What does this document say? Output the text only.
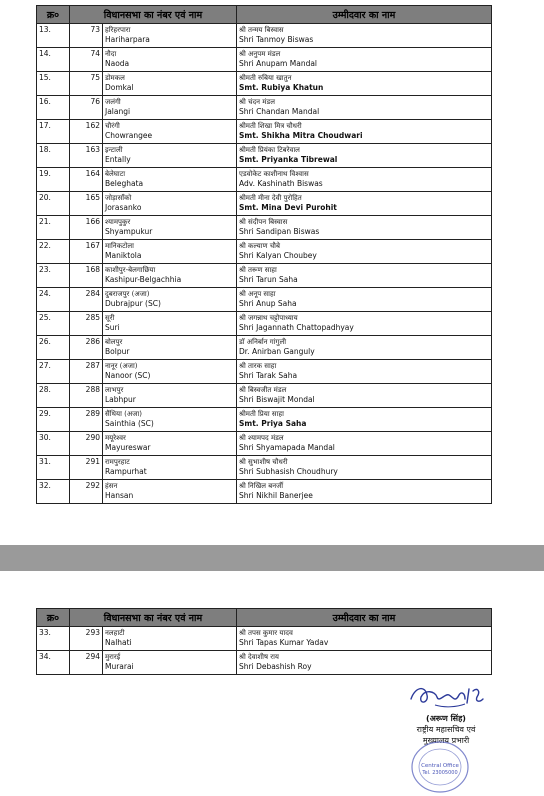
क्र०	विधानसभा का नंबर एवं नाम		उम्मीदवार का नाम
13.	73	हरिहरपारा
Hariharpara	श्री तन्मय बिस्वास
Shri Tanmoy Biswas

14.	74	नौदा
Naoda	श्री अनुपम मंडल
Shri Anupam Mandal

15.	75	डोमकल
Domkal	श्रीमती रुबिया खातुन
Smt. Rubiya Khatun

16.	76	जलंगी
Jalangi	श्री चंदन मंडल
Shri Chandan Mandal

17.	162	चौरंगी
Chowrangee	श्रीमती शिखा मित्र चौधरी
Smt. Shikha Mitra Choudwari

18.	163	इन्टाली
Entally	श्रीमती प्रियंका टिबरेवाल
Smt. Priyanka Tibrewal

19.	164	बेलेघाटा
Beleghata	एडवोकेट काशीनाथ विश्वास
Adv. Kashinath Biswas

20.	165	जोड़ासाँको
Jorasanko	श्रीमती मीना देवी पुरोहित
Smt. Mina Devi Purohit

21.	166	श्यामपुकुर
Shyampukur	श्री संदीपन बिस्वास
Shri Sandipan Biswas

22.	167	मानिकटोला
Maniktola	श्री कल्याण चौबे
Shri Kalyan Choubey

23.	168	काशीपुर-बेलगाछिया
Kashipur-Belgachhia	श्री तरूण साहा
Shri Tarun Saha

24.	284	दुबराजपुर (अजा)
Dubrajpur (SC)	श्री अनूप साहा
Shri Anup Saha

25.	285	सूरी
Suri	श्री जगन्नाथ चट्टोपाध्याय
Shri Jagannath Chattopadhyay

26.	286	बोलपुर
Bolpur	डॉ अनिर्बान गांगुली
Dr. Anirban Ganguly

27.	287	नानूर (अजा)
Nanoor (SC)	श्री तारक साहा
Shri Tarak Saha

28.	288	लाभपुर
Labhpur	श्री बिस्वजीत मंडल
Shri Biswajit Mondal

29.	289	सैंथिया (अजा)
Sainthia (SC)	श्रीमती प्रिया साहा
Smt. Priya Saha

30.	290	मयूरेश्वर
Mayureswar	श्री श्यामपद मंडल
Shri Shyamapada Mandal

31.	291	रामपुरहाट
Rampurhat	श्री सुभाशीष चौधरी
Shri Subhasish Choudhury

32.	292	हंसन
Hansan	श्री निखिल बनर्जी
Shri Nikhil Banerjee
क्र०	विधानसभा का नंबर एवं नाम		उम्मीदवार का नाम
33.	293	नलहाटी
Nalhati	श्री तपस कुमार यादव
Shri Tapas Kumar Yadav

34.	294	मुरारई
Murarai	श्री देवाशीष राय
Shri Debashish Roy
(अरूण सिंह)
राष्ट्रीय महासचिव एवं
मुख्यालय प्रभारी
Central Office
Tel. 23005000
